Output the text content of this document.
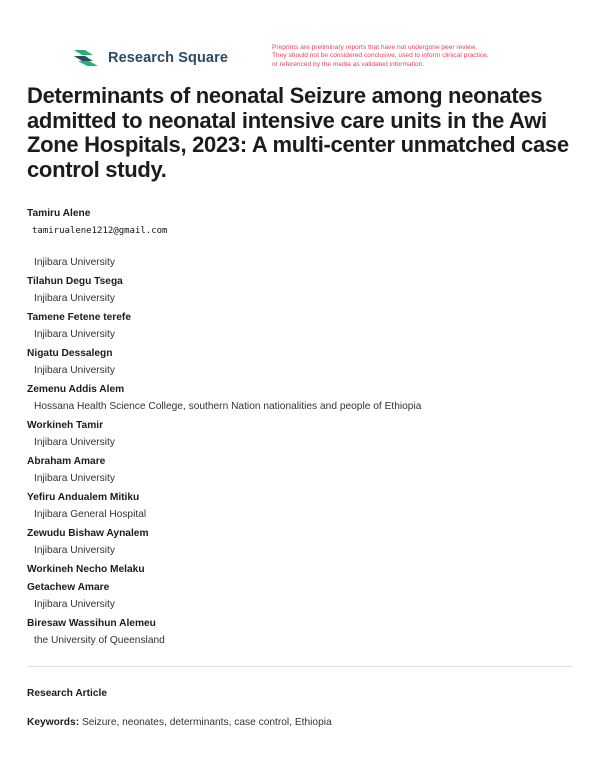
Research Square
Preprints are preliminary reports that have not undergone peer review.
They should not be considered conclusive, used to inform clinical practice,
or referenced by the media as validated information.
Determinants of neonatal Seizure among neonates admitted to neonatal intensive care units in the Awi Zone Hospitals, 2023: A multi-center unmatched case control study.
Tamiru Alene
tamirualene1212@gmail.com
Injibara University
Tilahun Degu Tsega
Injibara University
Tamene Fetene terefe
Injibara University
Nigatu Dessalegn
Injibara University
Zemenu Addis Alem
Hossana Health Science College, southern Nation nationalities and people of Ethiopia
Workineh Tamir
Injibara University
Abraham Amare
Injibara University
Yefiru Andualem Mitiku
Injibara General Hospital
Zewudu Bishaw Aynalem
Injibara University
Workineh Necho Melaku
Getachew Amare
Injibara University
Biresaw Wassihun Alemeu
the University of Queensland
Research Article
Keywords: Seizure, neonates, determinants, case control, Ethiopia
